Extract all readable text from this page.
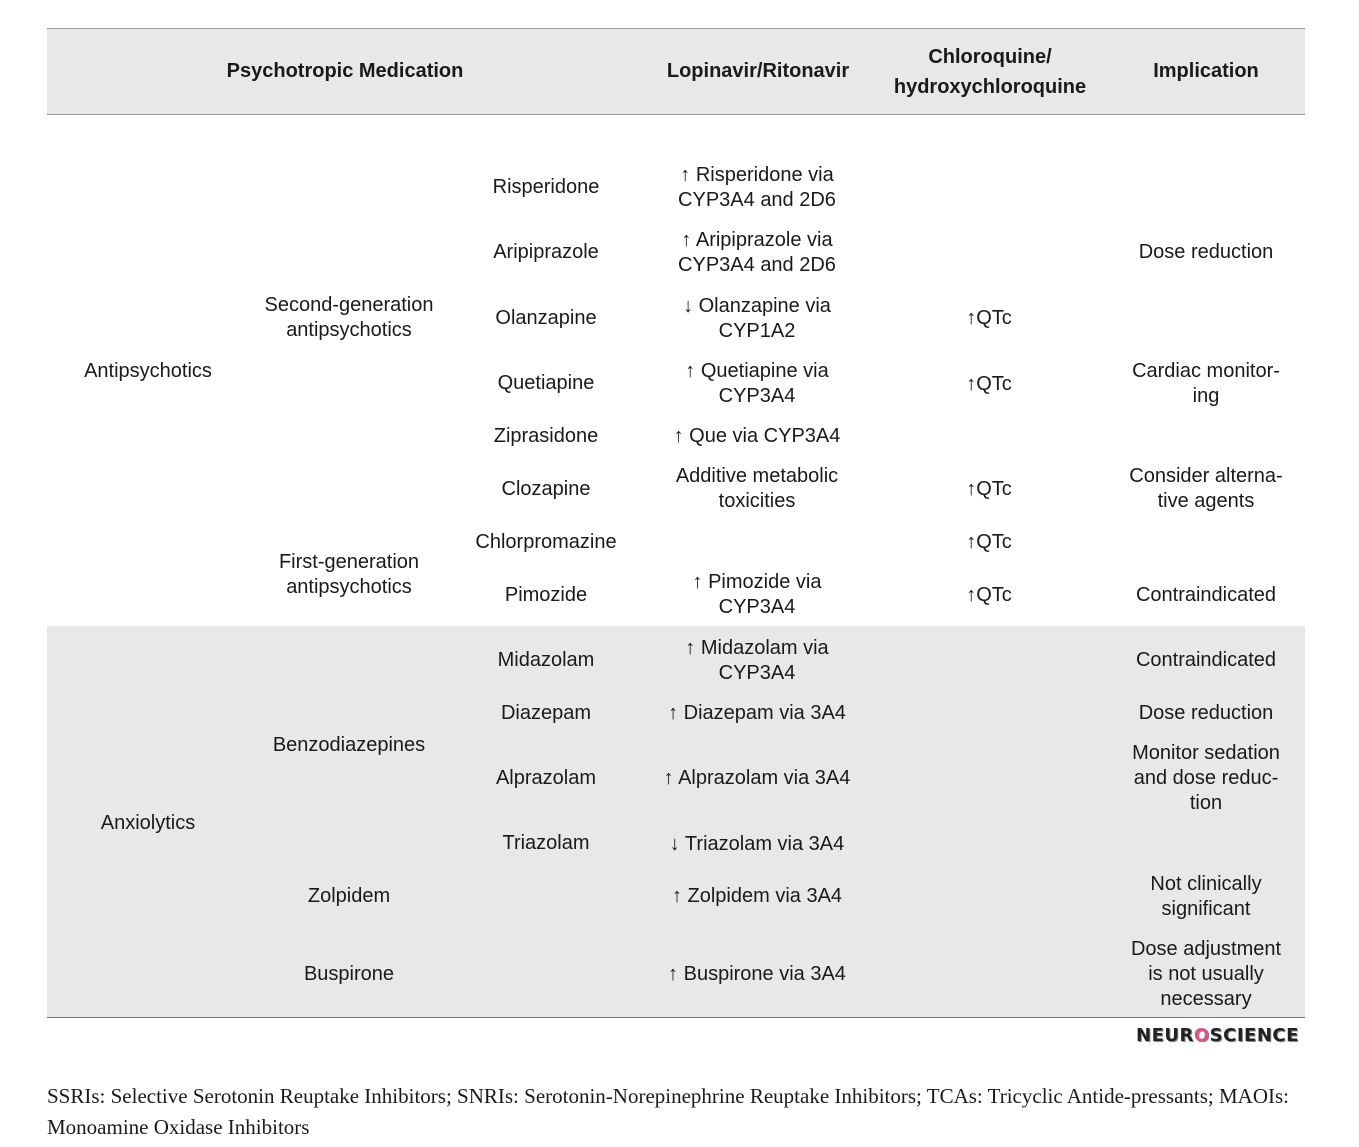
Psychotropic Medication	Lopinavir/Ritonavir
Chloroquine/
hydroxychloroquine
Implication
Antipsychotics
Anxiolytics
Second-generation
antipsychotics
First-generation
antipsychotics
Benzodiazepines
Zolpidem
Buspirone
Risperidone
Aripiprazole
Olanzapine
Quetiapine
Ziprasidone
Clozapine
Chlorpromazine
Pimozide
Midazolam
Diazepam
Alprazolam
Triazolam
↑ Risperidone via
CYP3A4 and 2D6
↑ Aripiprazole via
CYP3A4 and 2D6
↓ Olanzapine via
CYP1A2
↑ Quetiapine via
CYP3A4
↑ Que via CYP3A4
Additive metabolic
toxicities
↑ Pimozide via
CYP3A4
↑ Midazolam via
CYP3A4
↑ Diazepam via 3A4
↑ Alprazolam via 3A4
↓ Triazolam via 3A4
↑ Zolpidem via 3A4
↑ Buspirone via 3A4
↑QTc
↑QTc
↑QTc
↑QTc
↑QTc
Dose reduction
Cardiac monitor-
ing
Consider alterna-
tive agents
Contraindicated
Contraindicated
Dose reduction
Monitor sedation
and dose reduc-
tion
Not clinically
significant
Dose adjustment
is not usually
necessary
NEUROSCIENCE
SSRIs: Selective Serotonin Reuptake Inhibitors; SNRIs: Serotonin-Norepinephrine Reuptake Inhibitors; TCAs: Tricyclic Antide-pressants; MAOIs: Monoamine Oxidase Inhibitors
